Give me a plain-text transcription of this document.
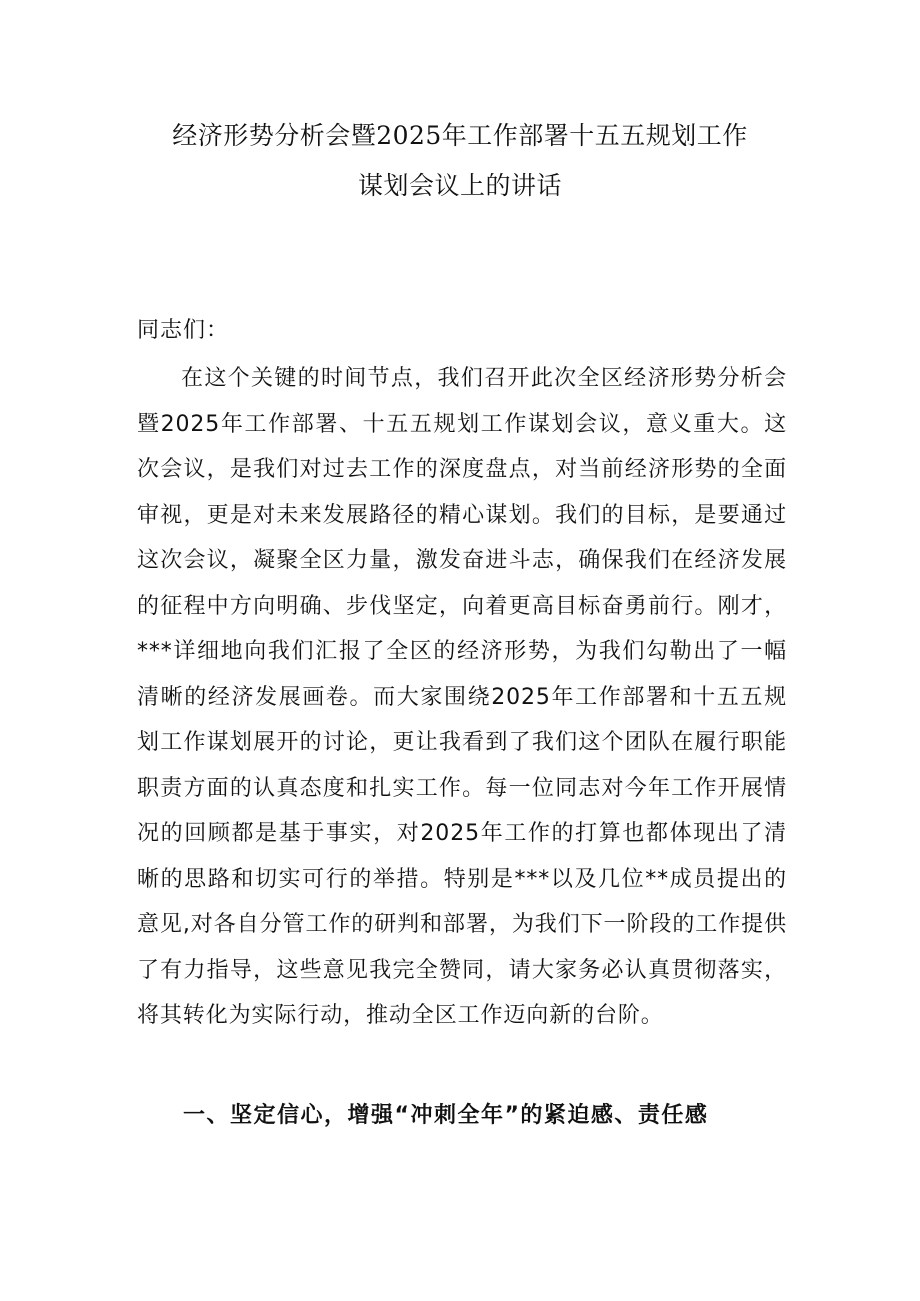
经济形势分析会暨2025年工作部署十五五规划工作
谋划会议上的讲话
同志们：

在这个关键的时间节点，我们召开此次全区经济形势分析会暨2025年工作部署、十五五规划工作谋划会议，意义重大。这次会议，是我们对过去工作的深度盘点，对当前经济形势的全面审视，更是对未来发展路径的精心谋划。我们的目标，是要通过这次会议，凝聚全区力量，激发奋进斗志，确保我们在经济发展的征程中方向明确、步伐坚定，向着更高目标奋勇前行。刚才，***详细地向我们汇报了全区的经济形势，为我们勾勒出了一幅清晰的经济发展画卷。而大家围绕2025年工作部署和十五五规划工作谋划展开的讨论，更让我看到了我们这个团队在履行职能职责方面的认真态度和扎实工作。每一位同志对今年工作开展情况的回顾都是基于事实，对2025年工作的打算也都体现出了清晰的思路和切实可行的举措。特别是***以及几位**成员提出的意见,对各自分管工作的研判和部署，为我们下一阶段的工作提供了有力指导，这些意见我完全赞同，请大家务必认真贯彻落实，将其转化为实际行动，推动全区工作迈向新的台阶。

一、坚定信心，增强“冲刺全年”的紧迫感、责任感
